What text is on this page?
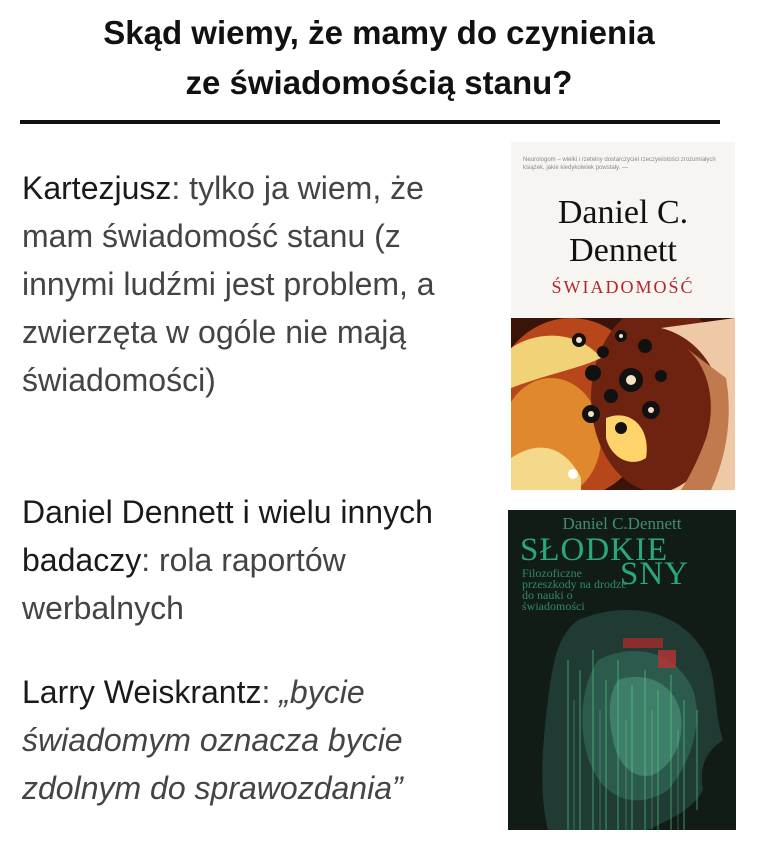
Skąd wiemy, że mamy do czynienia
ze świadomością stanu?
Kartezjusz: tylko ja wiem, że mam świadomość stanu (z innymi ludźmi jest problem, a zwierzęta w ogóle nie mają świadomości)
Daniel Dennett i wielu innych badaczy: rola raportów werbalnych
Larry Weiskrantz: „bycie świadomym oznacza bycie zdolnym do sprawozdania”
Neurologom – wielki i rzetelny dostarczyciel rzeczywistości zrozumiałych książek, jakie kiedykolwiek powstały. —
Daniel C.
Dennett
ŚWIADOMOŚĆ
Daniel C.Dennett
SŁODKIE
SNY
Filozoficzne przeszkody na drodze do nauki o świadomości
